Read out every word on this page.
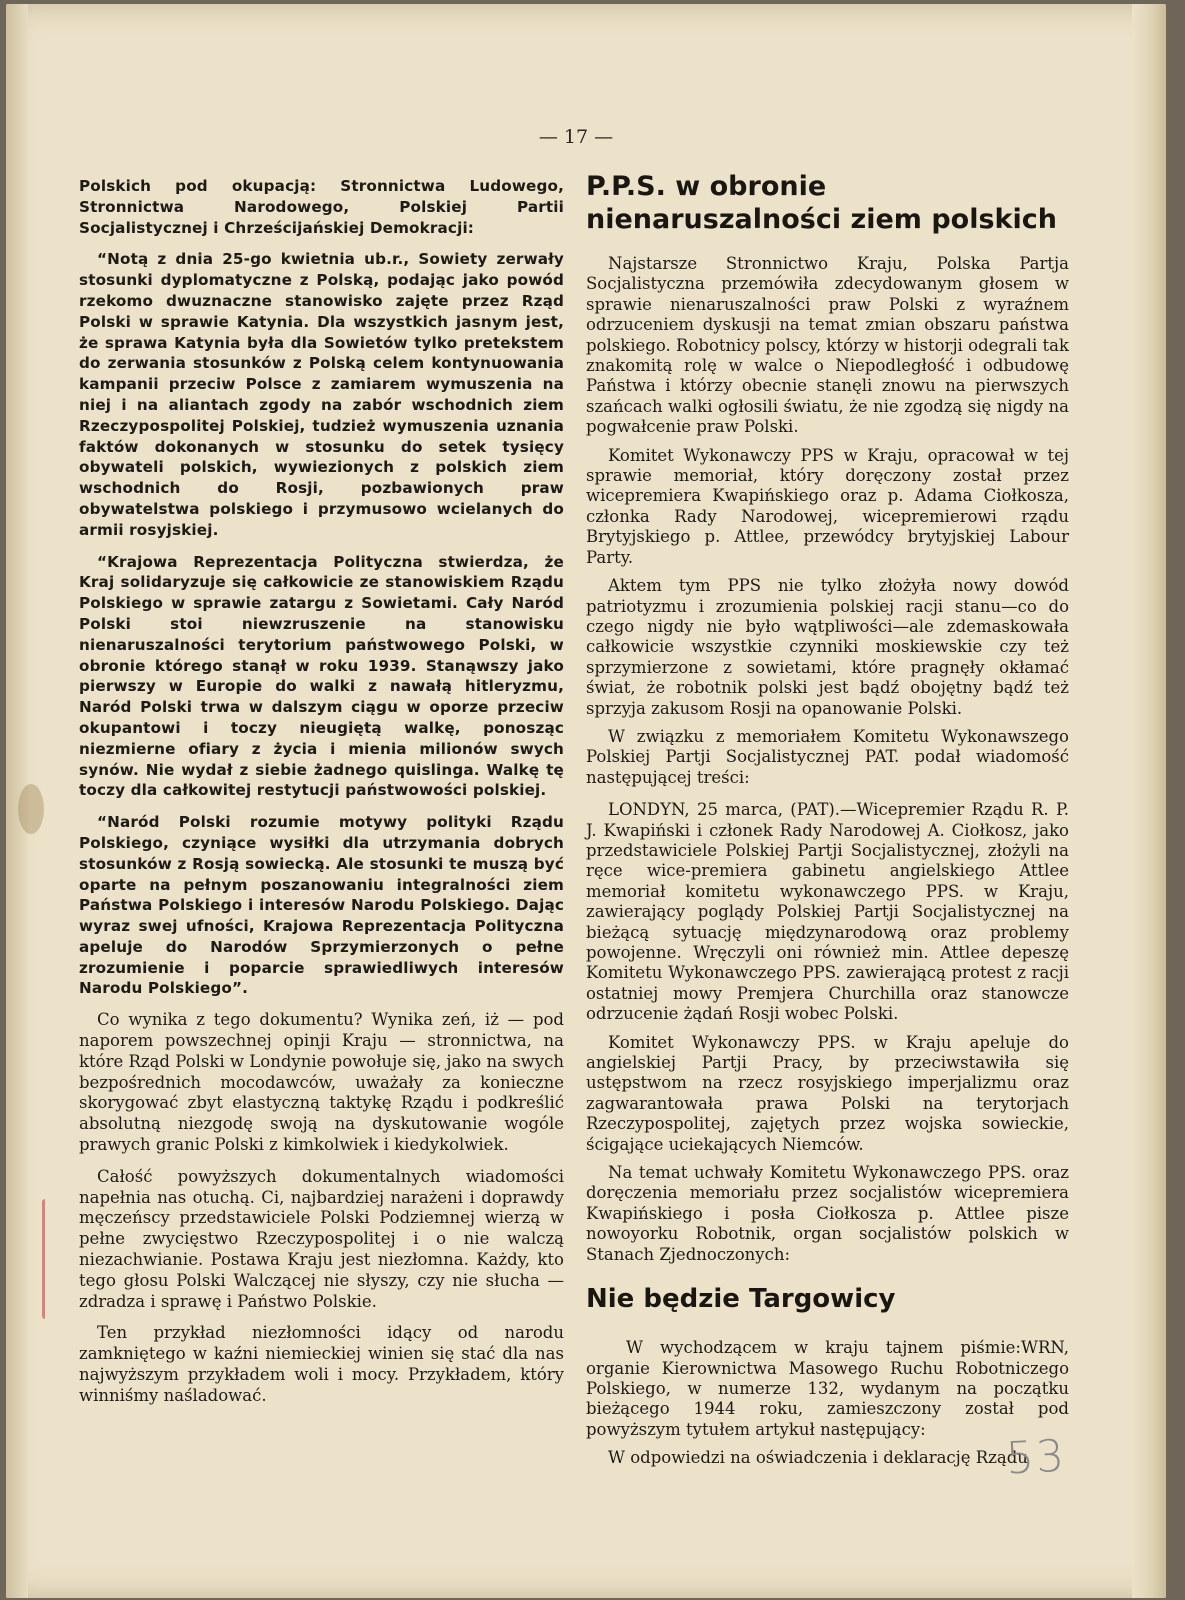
— 17 —

Polskich pod okupacją: Stronnictwa Ludowego, Stronnictwa Narodowego, Polskiej Partii Socjalistycznej i Chrześcijańskiej Demokracji:

“Notą z dnia 25-go kwietnia ub.r., Sowiety zerwały stosunki dyplomatyczne z Polską, podając jako powód rzekomo dwuznaczne stanowisko zajęte przez Rząd Polski w sprawie Katynia. Dla wszystkich jasnym jest, że sprawa Katynia była dla Sowietów tylko pretekstem do zerwania stosunków z Polską celem kontynuowania kampanii przeciw Polsce z zamiarem wymuszenia na niej i na aliantach zgody na zabór wschodnich ziem Rzeczypospolitej Polskiej, tudzież wymuszenia uznania faktów dokonanych w stosunku do setek tysięcy obywateli polskich, wywiezionych z polskich ziem wschodnich do Rosji, pozbawionych praw obywatelstwa polskiego i przymusowo wcielanych do armii rosyjskiej.

“Krajowa Reprezentacja Polityczna stwierdza, że Kraj solidaryzuje się całkowicie ze stanowiskiem Rządu Polskiego w sprawie zatargu z Sowietami. Cały Naród Polski stoi niewzruszenie na stanowisku nienaruszalności terytorium państwowego Polski, w obronie którego stanął w roku 1939. Stanąwszy jako pierwszy w Europie do walki z nawałą hitleryzmu, Naród Polski trwa w dalszym ciągu w oporze przeciw okupantowi i toczy nieugiętą walkę, ponosząc niezmierne ofiary z życia i mienia milionów swych synów. Nie wydał z siebie żadnego quislinga. Walkę tę toczy dla całkowitej restytucji państwowości polskiej.

“Naród Polski rozumie motywy polityki Rządu Polskiego, czyniące wysiłki dla utrzymania dobrych stosunków z Rosją sowiecką. Ale stosunki te muszą być oparte na pełnym poszanowaniu integralności ziem Państwa Polskiego i interesów Narodu Polskiego. Dając wyraz swej ufności, Krajowa Reprezentacja Polityczna apeluje do Narodów Sprzymierzonych o pełne zrozumienie i poparcie sprawiedliwych interesów Narodu Polskiego”.

Co wynika z tego dokumentu? Wynika zeń, iż — pod naporem powszechnej opinji Kraju — stronnictwa, na które Rząd Polski w Londynie powołuje się, jako na swych bezpośrednich mocodawców, uważały za konieczne skorygować zbyt elastyczną taktykę Rządu i podkreślić absolutną niezgodę swoją na dyskutowanie wogóle prawych granic Polski z kimkolwiek i kiedykolwiek.

Całość powyższych dokumentalnych wiadomości napełnia nas otuchą. Ci, najbardziej narażeni i doprawdy męczeńscy przedstawiciele Polski Podziemnej wierzą w pełne zwycięstwo Rzeczypospolitej i o nie walczą niezachwianie. Postawa Kraju jest niezłomna. Każdy, kto tego głosu Polski Walczącej nie słyszy, czy nie słucha — zdradza i sprawę i Państwo Polskie.

Ten przykład niezłomności idący od narodu zamkniętego w kaźni niemieckiej winien się stać dla nas najwyższym przykładem woli i mocy. Przykładem, który winniśmy naśladować.

P.P.S. w obronie nienaruszalności ziem polskich

Najstarsze Stronnictwo Kraju, Polska Partja Socjalistyczna przemówiła zdecydowanym głosem w sprawie nienaruszalności praw Polski z wyraźnem odrzuceniem dyskusji na temat zmian obszaru państwa polskiego. Robotnicy polscy, którzy w historji odegrali tak znakomitą rolę w walce o Niepodległość i odbudowę Państwa i którzy obecnie stanęli znowu na pierwszych szańcach walki ogłosili światu, że nie zgodzą się nigdy na pogwałcenie praw Polski.

Komitet Wykonawczy PPS w Kraju, opracował w tej sprawie memoriał, który doręczony został przez wicepremiera Kwapińskiego oraz p. Adama Ciołkosza, członka Rady Narodowej, wicepremierowi rządu Brytyjskiego p. Attlee, przewódcy brytyjskiej Labour Party.

Aktem tym PPS nie tylko złożyła nowy dowód patriotyzmu i zrozumienia polskiej racji stanu—co do czego nigdy nie było wątpliwości—ale zdemaskowała całkowicie wszystkie czynniki moskiewskie czy też sprzymierzone z sowietami, które pragnęły okłamać świat, że robotnik polski jest bądź obojętny bądź też sprzyja zakusom Rosji na opanowanie Polski.

W związku z memoriałem Komitetu Wykonawszego Polskiej Partji Socjalistycznej PAT. podał wiadomość następującej treści:

LONDYN, 25 marca, (PAT).—Wicepremier Rządu R. P. J. Kwapiński i członek Rady Narodowej A. Ciołkosz, jako przedstawiciele Polskiej Partji Socjalistycznej, złożyli na ręce wice-premiera gabinetu angielskiego Attlee memoriał komitetu wykonawczego PPS. w Kraju, zawierający poglądy Polskiej Partji Socjalistycznej na bieżącą sytuację międzynarodową oraz problemy powojenne. Wręczyli oni również min. Attlee depeszę Komitetu Wykonawczego PPS. zawierającą protest z racji ostatniej mowy Premjera Churchilla oraz stanowcze odrzucenie żądań Rosji wobec Polski.

Komitet Wykonawczy PPS. w Kraju apeluje do angielskiej Partji Pracy, by przeciwstawiła się ustępstwom na rzecz rosyjskiego imperjalizmu oraz zagwarantowała prawa Polski na terytorjach Rzeczypospolitej, zajętych przez wojska sowieckie, ścigające uciekających Niemców.

Na temat uchwały Komitetu Wykonawczego PPS. oraz doręczenia memoriału przez socjalistów wicepremiera Kwapińskiego i posła Ciołkosza p. Attlee pisze nowoyorku Robotnik, organ socjalistów polskich w Stanach Zjednoczonych:

Nie będzie Targowicy

W wychodzącem w kraju tajnem piśmie:WRN, organie Kierownictwa Masowego Ruchu Robotniczego Polskiego, w numerze 132, wydanym na początku bieżącego 1944 roku, zamieszczony został pod powyższym tytułem artykuł następujący:

W odpowiedzi na oświadczenia i deklarację Rządu

53
